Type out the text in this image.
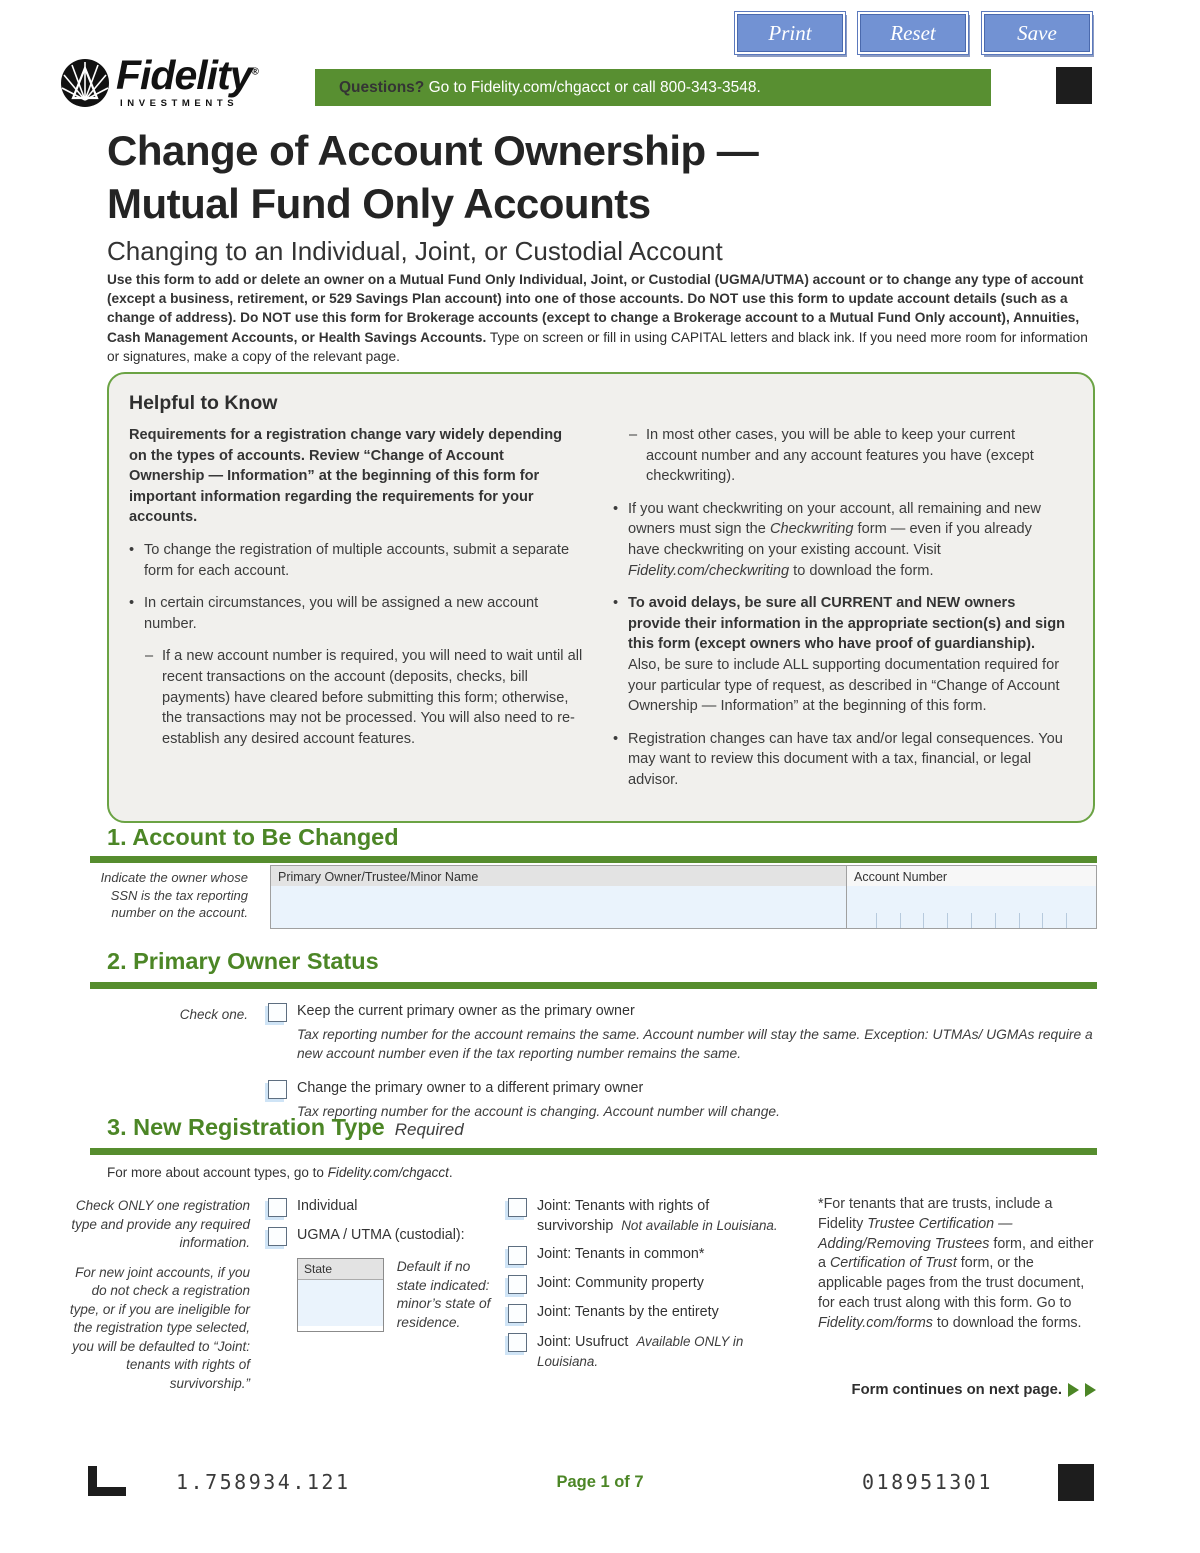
Print	Reset	Save
Fidelity®
INVESTMENTS
Questions? Go to Fidelity.com/chgacct or call 800-343-3548.
Change of Account Ownership —
Mutual Fund Only Accounts
Changing to an Individual, Joint, or Custodial Account
Use this form to add or delete an owner on a Mutual Fund Only Individual, Joint, or Custodial (UGMA/UTMA) account or to change any type of account (except a business, retirement, or 529 Savings Plan account) into one of those accounts. Do NOT use this form to update account details (such as a change of address). Do NOT use this form for Brokerage accounts (except to change a Brokerage account to a Mutual Fund Only account), Annuities, Cash Management Accounts, or Health Savings Accounts. Type on screen or fill in using CAPITAL letters and black ink. If you need more room for information or signatures, make a copy of the relevant page.
Helpful to Know
Requirements for a registration change vary widely depending on the types of accounts. Review “Change of Account Ownership — Information” at the beginning of this form for important information regarding the requirements for your accounts.
• To change the registration of multiple accounts, submit a separate form for each account.
• In certain circumstances, you will be assigned a new account number.
– If a new account number is required, you will need to wait until all recent transactions on the account (deposits, checks, bill payments) have cleared before submitting this form; otherwise, the transactions may not be processed. You will also need to re-establish any desired account features.
– In most other cases, you will be able to keep your current account number and any account features you have (except checkwriting).
• If you want checkwriting on your account, all remaining and new owners must sign the Checkwriting form — even if you already have checkwriting on your existing account. Visit Fidelity.com/checkwriting to download the form.
• To avoid delays, be sure all CURRENT and NEW owners provide their information in the appropriate section(s) and sign this form (except owners who have proof of guardianship). Also, be sure to include ALL supporting documentation required for your particular type of request, as described in “Change of Account Ownership — Information” at the beginning of this form.
• Registration changes can have tax and/or legal consequences. You may want to review this document with a tax, financial, or legal advisor.
1. Account to Be Changed
Indicate the owner whose SSN is the tax reporting number on the account.
Primary Owner/Trustee/Minor Name	Account Number
2. Primary Owner Status
Check one.	Keep the current primary owner as the primary owner
Tax reporting number for the account remains the same. Account number will stay the same. Exception: UTMAs/ UGMAs require a new account number even if the tax reporting number remains the same.
Change the primary owner to a different primary owner
Tax reporting number for the account is changing. Account number will change.
3. New Registration Type Required
For more about account types, go to Fidelity.com/chgacct.
Check ONLY one registration type and provide any required information.
For new joint accounts, if you do not check a registration type, or if you are ineligible for the registration type selected, you will be defaulted to “Joint: tenants with rights of survivorship.”
Individual
UGMA / UTMA (custodial):
State	Default if no state indicated: minor’s state of residence.
Joint: Tenants with rights of survivorship Not available in Louisiana.
Joint: Tenants in common*
Joint: Community property
Joint: Tenants by the entirety
Joint: Usufruct Available ONLY in Louisiana.
*For tenants that are trusts, include a Fidelity Trustee Certification — Adding/Removing Trustees form, and either a Certification of Trust form, or the applicable pages from the trust document, for each trust along with this form. Go to Fidelity.com/forms to download the forms.
Form continues on next page.
1.758934.121	Page 1 of 7	018951301
